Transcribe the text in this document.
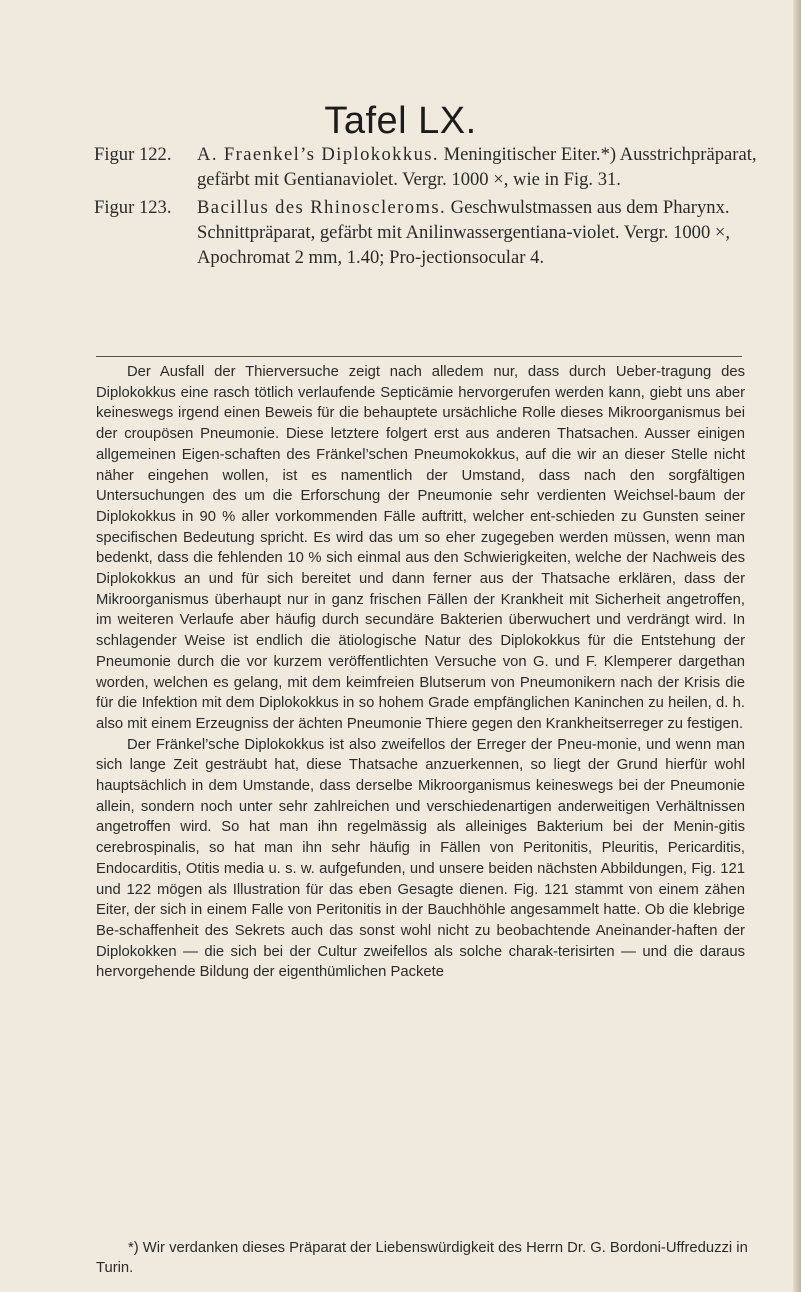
Tafel LX.
Figur 122.	A. Fraenkel’s Diplokokkus. Meningitischer Eiter.*) Ausstrichpräparat, gefärbt mit Gentianaviolet. Vergr. 1000 ×, wie in Fig. 31.
Figur 123.	Bacillus des Rhinoscleroms. Geschwulstmassen aus dem Pharynx. Schnittpräparat, gefärbt mit Anilinwassergentiana-violet. Vergr. 1000 ×, Apochromat 2 mm, 1.40; Pro-jectionsocular 4.

Der Ausfall der Thierversuche zeigt nach alledem nur, dass durch Ueber-tragung des Diplokokkus eine rasch tötlich verlaufende Septicämie hervorgerufen werden kann, giebt uns aber keineswegs irgend einen Beweis für die behauptete ursächliche Rolle dieses Mikroorganismus bei der croupösen Pneumonie. Diese letztere folgert erst aus anderen Thatsachen. Ausser einigen allgemeinen Eigen-schaften des Fränkel’schen Pneumokokkus, auf die wir an dieser Stelle nicht näher eingehen wollen, ist es namentlich der Umstand, dass nach den sorgfältigen Untersuchungen des um die Erforschung der Pneumonie sehr verdienten Weichsel-baum der Diplokokkus in 90 % aller vorkommenden Fälle auftritt, welcher ent-schieden zu Gunsten seiner specifischen Bedeutung spricht. Es wird das um so eher zugegeben werden müssen, wenn man bedenkt, dass die fehlenden 10 % sich einmal aus den Schwierigkeiten, welche der Nachweis des Diplokokkus an und für sich bereitet und dann ferner aus der Thatsache erklären, dass der Mikroorganismus überhaupt nur in ganz frischen Fällen der Krankheit mit Sicherheit angetroffen, im weiteren Verlaufe aber häufig durch secundäre Bakterien überwuchert und verdrängt wird. In schlagender Weise ist endlich die ätiologische Natur des Diplokokkus für die Entstehung der Pneumonie durch die vor kurzem veröffentlichten Versuche von G. und F. Klemperer dargethan worden, welchen es gelang, mit dem keimfreien Blutserum von Pneumonikern nach der Krisis die für die Infektion mit dem Diplokokkus in so hohem Grade empfänglichen Kaninchen zu heilen, d. h. also mit einem Erzeugniss der ächten Pneumonie Thiere gegen den Krankheitserreger zu festigen.

Der Fränkel’sche Diplokokkus ist also zweifellos der Erreger der Pneu-monie, und wenn man sich lange Zeit gesträubt hat, diese Thatsache anzuerkennen, so liegt der Grund hierfür wohl hauptsächlich in dem Umstande, dass derselbe Mikroorganismus keineswegs bei der Pneumonie allein, sondern noch unter sehr zahlreichen und verschiedenartigen anderweitigen Verhältnissen angetroffen wird. So hat man ihn regelmässig als alleiniges Bakterium bei der Menin-gitis cerebrospinalis, so hat man ihn sehr häufig in Fällen von Peritonitis, Pleuritis, Pericarditis, Endocarditis, Otitis media u. s. w. aufgefunden, und unsere beiden nächsten Abbildungen, Fig. 121 und 122 mögen als Illustration für das eben Gesagte dienen. Fig. 121 stammt von einem zähen Eiter, der sich in einem Falle von Peritonitis in der Bauchhöhle angesammelt hatte. Ob die klebrige Be-schaffenheit des Sekrets auch das sonst wohl nicht zu beobachtende Aneinander-haften der Diplokokken — die sich bei der Cultur zweifellos als solche charak-terisirten — und die daraus hervorgehende Bildung der eigenthümlichen Packete

*) Wir verdanken dieses Präparat der Liebenswürdigkeit des Herrn Dr. G. Bordoni-Uffreduzzi in Turin.
